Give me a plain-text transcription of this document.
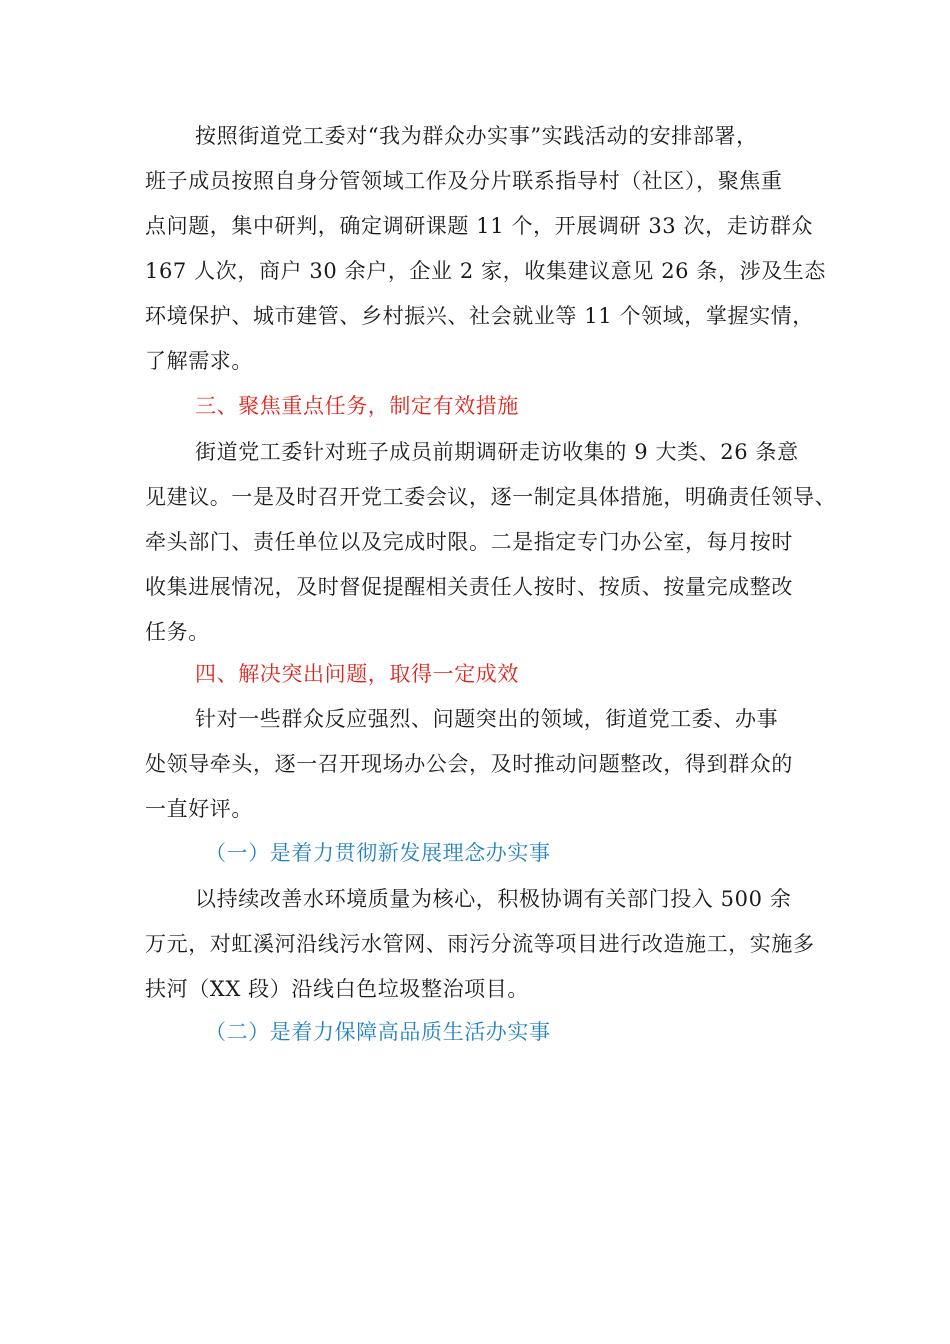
按照街道党工委对“我为群众办实事”实践活动的安排部署，
班子成员按照自身分管领域工作及分片联系指导村（社区），聚焦重
点问题，集中研判，确定调研课题 11 个，开展调研 33 次，走访群众
167 人次，商户 30 余户，企业 2 家，收集建议意见 26 条，涉及生态
环境保护、城市建管、乡村振兴、社会就业等 11 个领域，掌握实情，
了解需求。
三、聚焦重点任务，制定有效措施
街道党工委针对班子成员前期调研走访收集的 9 大类、26 条意
见建议。一是及时召开党工委会议，逐一制定具体措施，明确责任领导、
牵头部门、责任单位以及完成时限。二是指定专门办公室，每月按时
收集进展情况，及时督促提醒相关责任人按时、按质、按量完成整改
任务。
四、解决突出问题，取得一定成效
针对一些群众反应强烈、问题突出的领域，街道党工委、办事
处领导牵头，逐一召开现场办公会，及时推动问题整改，得到群众的
一直好评。
（一）是着力贯彻新发展理念办实事
以持续改善水环境质量为核心，积极协调有关部门投入 500 余
万元，对虹溪河沿线污水管网、雨污分流等项目进行改造施工，实施多
扶河（XX 段）沿线白色垃圾整治项目。
（二）是着力保障高品质生活办实事
